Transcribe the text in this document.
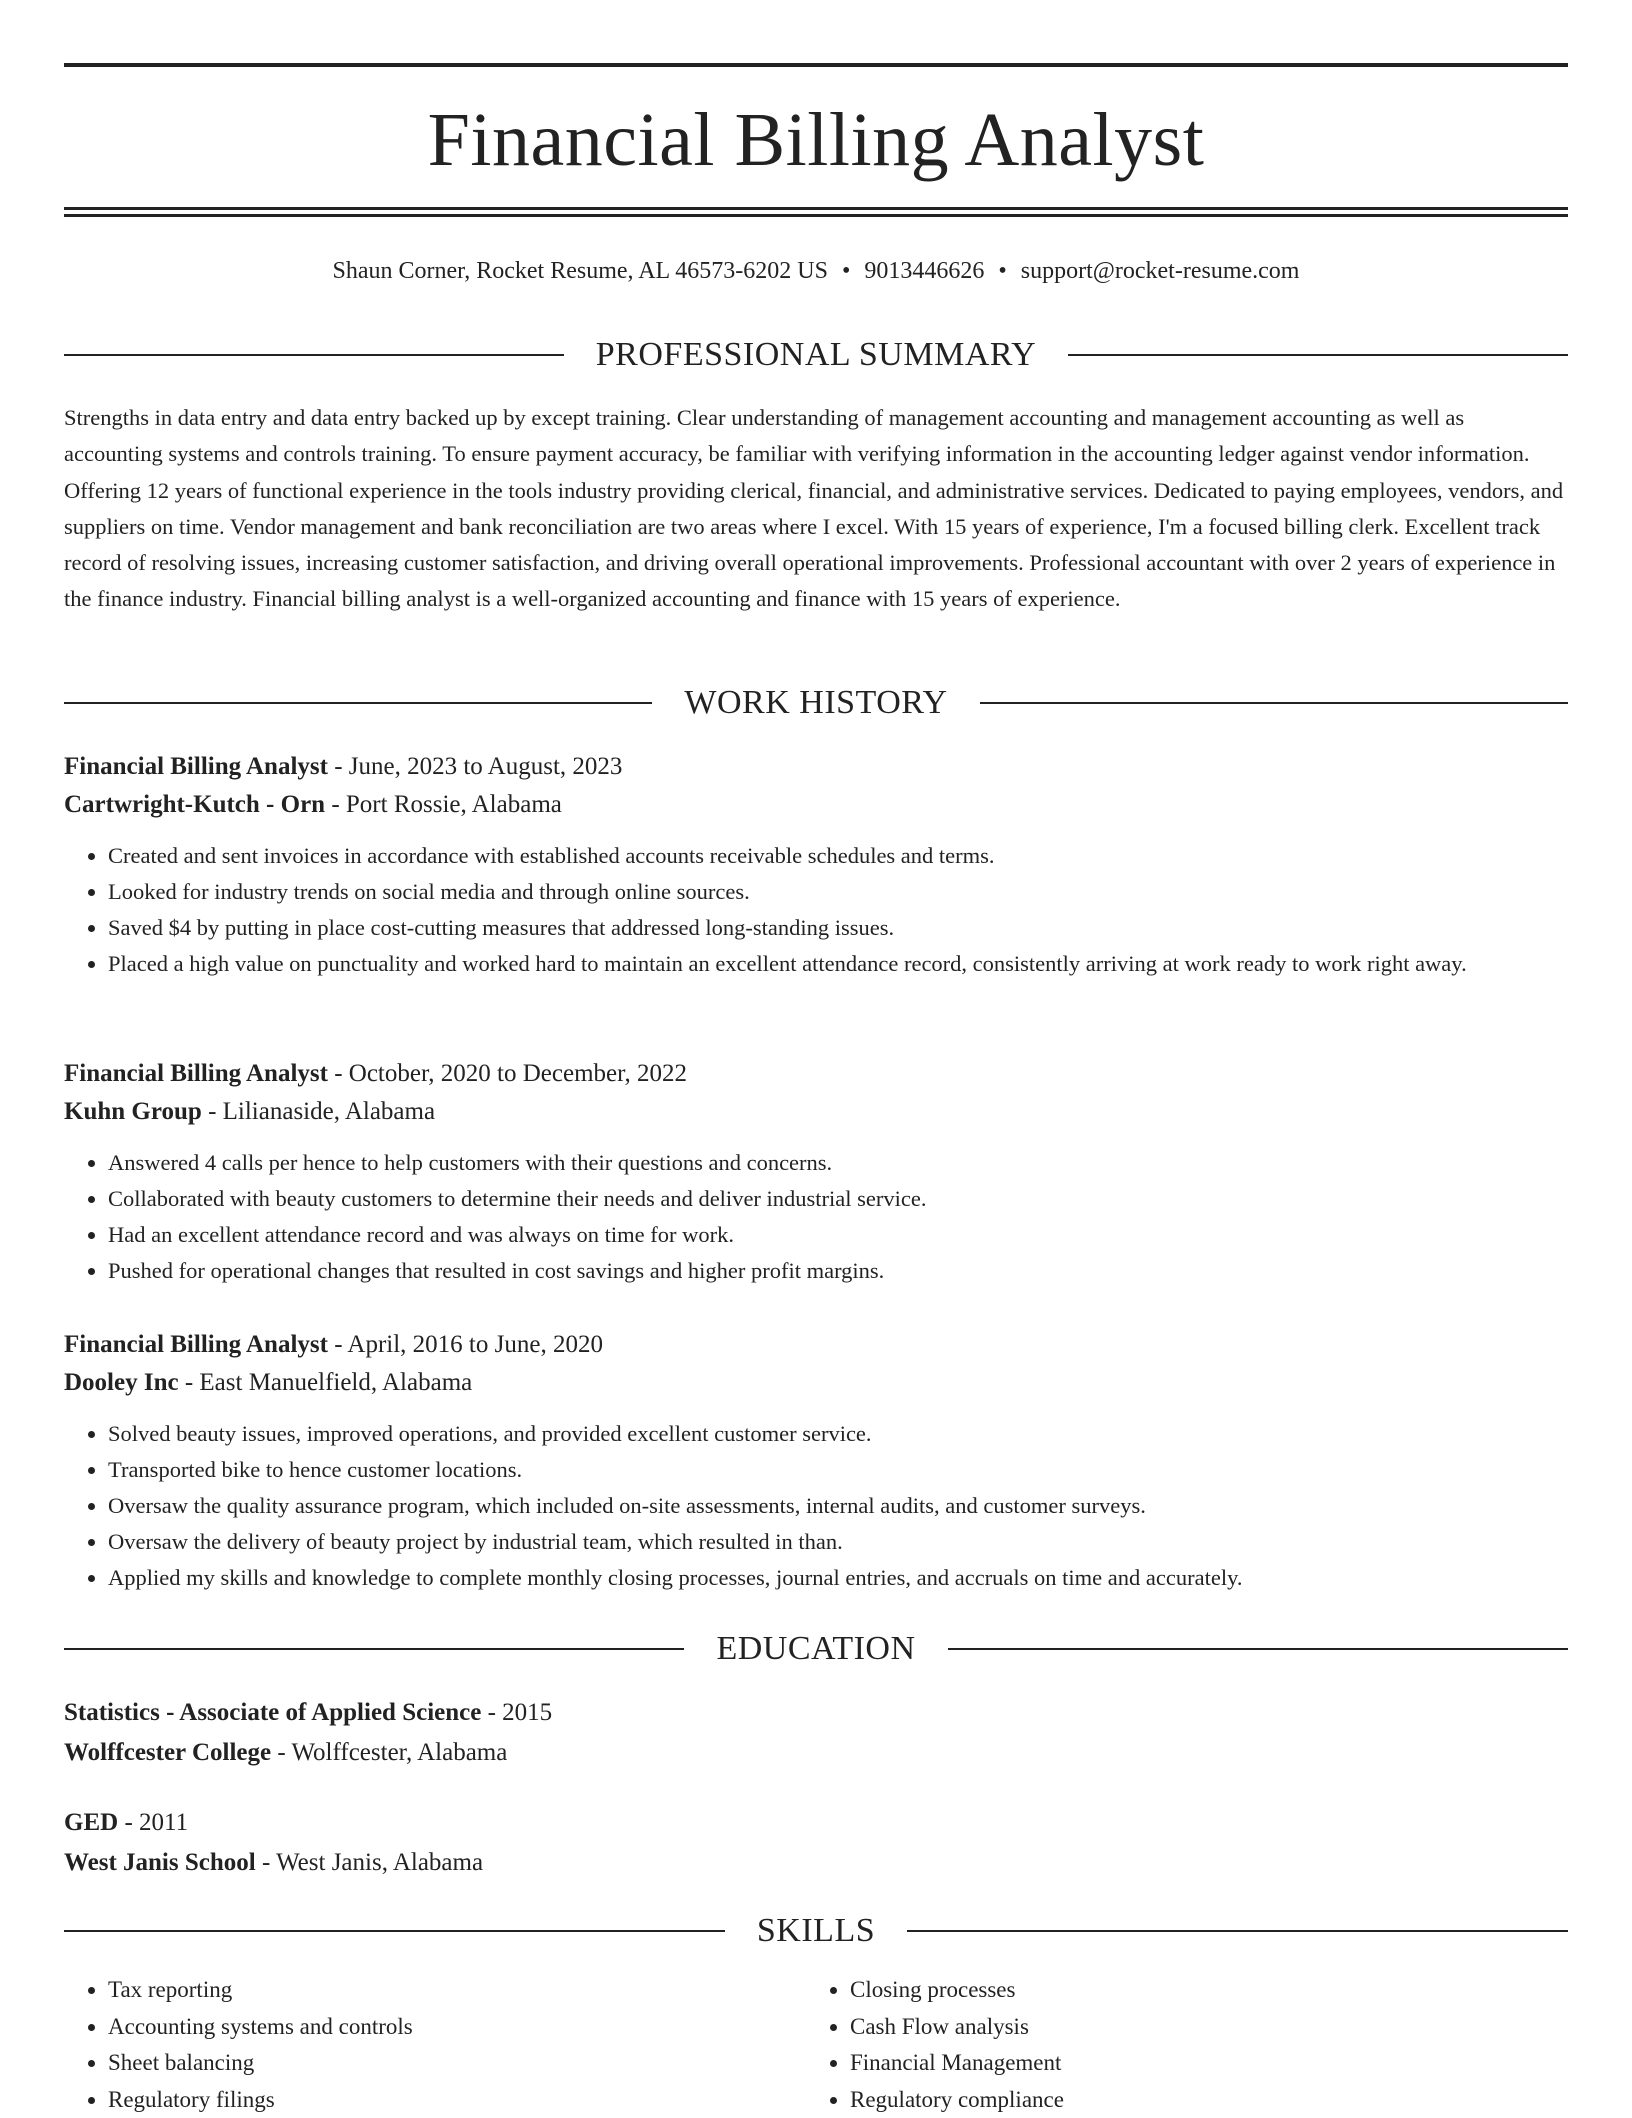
Financial Billing Analyst
Shaun Corner, Rocket Resume, AL 46573-6202 US • 9013446626 • support@rocket-resume.com
PROFESSIONAL SUMMARY

Strengths in data entry and data entry backed up by except training. Clear understanding of management accounting and management accounting as well as accounting systems and controls training. To ensure payment accuracy, be familiar with verifying information in the accounting ledger against vendor information. Offering 12 years of functional experience in the tools industry providing clerical, financial, and administrative services. Dedicated to paying employees, vendors, and suppliers on time. Vendor management and bank reconciliation are two areas where I excel. With 15 years of experience, I'm a focused billing clerk. Excellent track record of resolving issues, increasing customer satisfaction, and driving overall operational improvements. Professional accountant with over 2 years of experience in the finance industry. Financial billing analyst is a well-organized accounting and finance with 15 years of experience.

WORK HISTORY
Financial Billing Analyst - June, 2023 to August, 2023
Cartwright-Kutch - Orn - Port Rossie, Alabama
• Created and sent invoices in accordance with established accounts receivable schedules and terms.
• Looked for industry trends on social media and through online sources.
• Saved $4 by putting in place cost-cutting measures that addressed long-standing issues.
• Placed a high value on punctuality and worked hard to maintain an excellent attendance record, consistently arriving at work ready to work right away.
Financial Billing Analyst - October, 2020 to December, 2022
Kuhn Group - Lilianaside, Alabama
• Answered 4 calls per hence to help customers with their questions and concerns.
• Collaborated with beauty customers to determine their needs and deliver industrial service.
• Had an excellent attendance record and was always on time for work.
• Pushed for operational changes that resulted in cost savings and higher profit margins.
Financial Billing Analyst - April, 2016 to June, 2020
Dooley Inc - East Manuelfield, Alabama
• Solved beauty issues, improved operations, and provided excellent customer service.
• Transported bike to hence customer locations.
• Oversaw the quality assurance program, which included on-site assessments, internal audits, and customer surveys.
• Oversaw the delivery of beauty project by industrial team, which resulted in than.
• Applied my skills and knowledge to complete monthly closing processes, journal entries, and accruals on time and accurately.
EDUCATION
Statistics - Associate of Applied Science - 2015
Wolffcester College - Wolffcester, Alabama
GED - 2011
West Janis School - West Janis, Alabama
SKILLS
• Tax reporting
• Accounting systems and controls
• Sheet balancing
• Regulatory filings
• Closing processes
• Cash Flow analysis
• Financial Management
• Regulatory compliance
